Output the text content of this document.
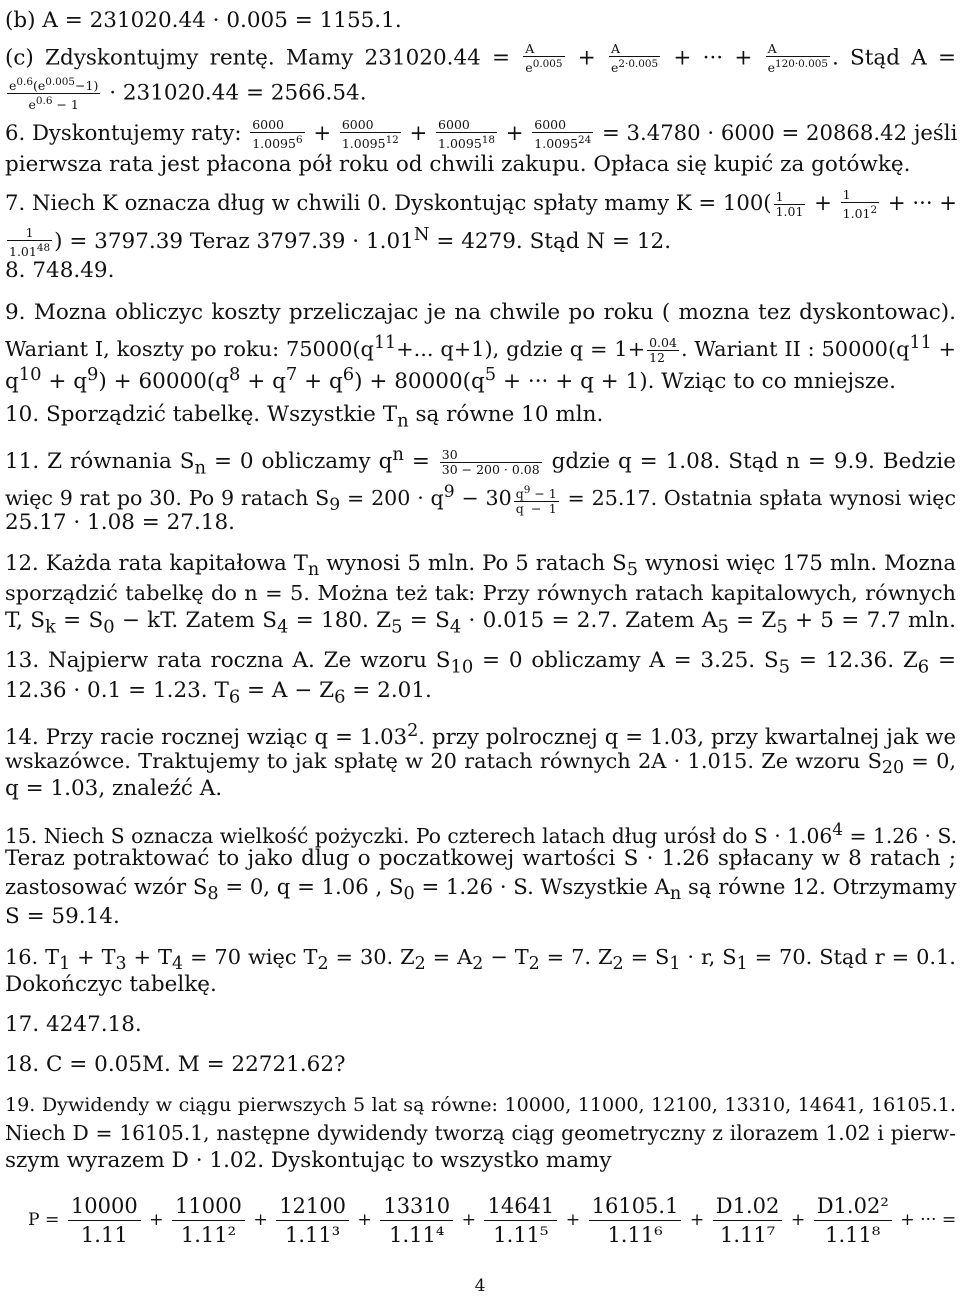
(b) A = 231020.44 · 0.005 = 1155.1.
(c) Zdyskontujmy rentę. Mamy $231020.44 = \frac{A}{e^{0.005}} + \frac{A}{e^{2\cdot 0.005}}$ + ··· + $\frac{A}{e^{120\cdot 0.005}}$ . Stąd A =
$\frac{e^{0.6}(e^{0.005}-1)}{e^{0.6} - 1} \cdot 231020.44 = 2566.54$.
6. Dyskontujemy raty: $\frac{6000}{1.0095^6} + \frac{6000}{1.0095^{12}} + \frac{6000}{1.0095^{18}} + \frac{6000}{1.0095^{24}} = 3.4780 \cdot 6000 = 20868.42$ jeśli
pierwsza rata jest płacona pół roku od chwili zakupu. Opłaca się kupić za gotówkę.
7. Niech K oznacza dług w chwili 0. Dyskontując spłaty mamy $K = 100( \frac{1}{1.01} + \frac{1}{1.01^2}$ + ··· +
$\frac{1}{1.01^{48}}$ ) = 3797.39 Teraz $3797.39 \cdot 1.01^N = 4279$. Stąd N = 12.
8. 748.49.
9. Mozna obliczyc koszty przeliczajac je na chwile po roku ( mozna tez dyskontowac).
Wariant I, koszty po roku: $75000(q^{11}+$... q+1), gdzie $q = 1+ \frac{0.04}{12}$ . Wariant II : $50000(q^{11}$ +
$q^{10} + q^9) + 60000(q^8 + q^7 + q^6) + 80000(q^5$ + ··· + q + 1). Wziąc to co mniejsze.
10. Sporządzić tabelkę. Wszystkie $T_n$ są równe 10 mln.
11. Z równania $S_n = 0$ obliczamy $q^n = \frac{30}{30 - 200 \cdot 0.08}$ gdzie q = 1.08. Stąd n = 9.9. Bedzie
więc 9 rat po 30. Po 9 ratach $S_9 = 200 \cdot q^9 - 30 \frac{q^9 - 1}{q - 1} = 25.17$. Ostatnia spłata wynosi więc
25.17 · 1.08 = 27.18.
12. Każda rata kapitałowa $T_n$ wynosi 5 mln. Po 5 ratach $S_5$ wynosi więc 175 mln. Mozna
sporządzić tabelkę do n = 5. Można też tak: Przy równych ratach kapitalowych, równych
T, $S_k = S_0$ − kT. Zatem $S_4 = 180$. $Z_5 = S_4 \cdot 0.015 = 2.7$. Zatem $A_5 = Z_5 + 5 = 7.7$ mln.
13. Najpierw rata roczna A. Ze wzoru $S_{10} = 0$ obliczamy A = 3.25. $S_5 = 12.36$. $Z_6$ =
12.36 · 0.1 = 1.23. $T_6 = A - Z_6 = 2.01$.
14. Przy racie rocznej wziąc $q = 1.03^2$. przy polrocznej q = 1.03, przy kwartalnej jak we
wskazówce. Traktujemy to jak spłatę w 20 ratach równych 2A · 1.015. Ze wzoru $S_{20} = 0$,
q = 1.03, znaleźć A.
15. Niech S oznacza wielkość pożyczki. Po czterech latach dług urósł do $S \cdot 1.06^4 = 1.26 \cdot S$.
Teraz potraktować to jako dlug o poczatkowej wartości S · 1.26 spłacany w 8 ratach ;
zastosować wzór $S_8 = 0$, q = 1.06 , $S_0 = 1.26 \cdot S$. Wszystkie $A_n$ są równe 12. Otrzymamy
S = 59.14.
16. $T_1 + T_3 + T_4 = 70$ więc $T_2 = 30$. $Z_2 = A_2 - T_2 = 7$. $Z_2 = S_1 \cdot r$, $S_1 = 70$. Stąd r = 0.1.
Dokończyc tabelkę.
17. 4247.18.
18. C = 0.05M. M = 22721.62?
19. Dywidendy w ciągu pierwszych 5 lat są równe: 10000, 11000, 12100, 13310, 14641, 16105.1.
Niech D = 16105.1, następne dywidendy tworzą ciąg geometryczny z ilorazem 1.02 i pierw-
szym wyrazem D · 1.02. Dyskontując to wszystko mamy
$P = \frac{10000}{1.11} + \frac{11000}{\text{1.11²}} + \frac{12100}{\text{1.11³}} + \frac{13310}{\text{1.11⁴}} + \frac{14641}{\text{1.11⁵}} + \frac{16105.1}{\text{1.11⁶}} + \frac{D1.02}{\text{1.11⁷}} + \frac{\text{D1.02²}}{\text{1.11⁸}}$ + ··· =
4
